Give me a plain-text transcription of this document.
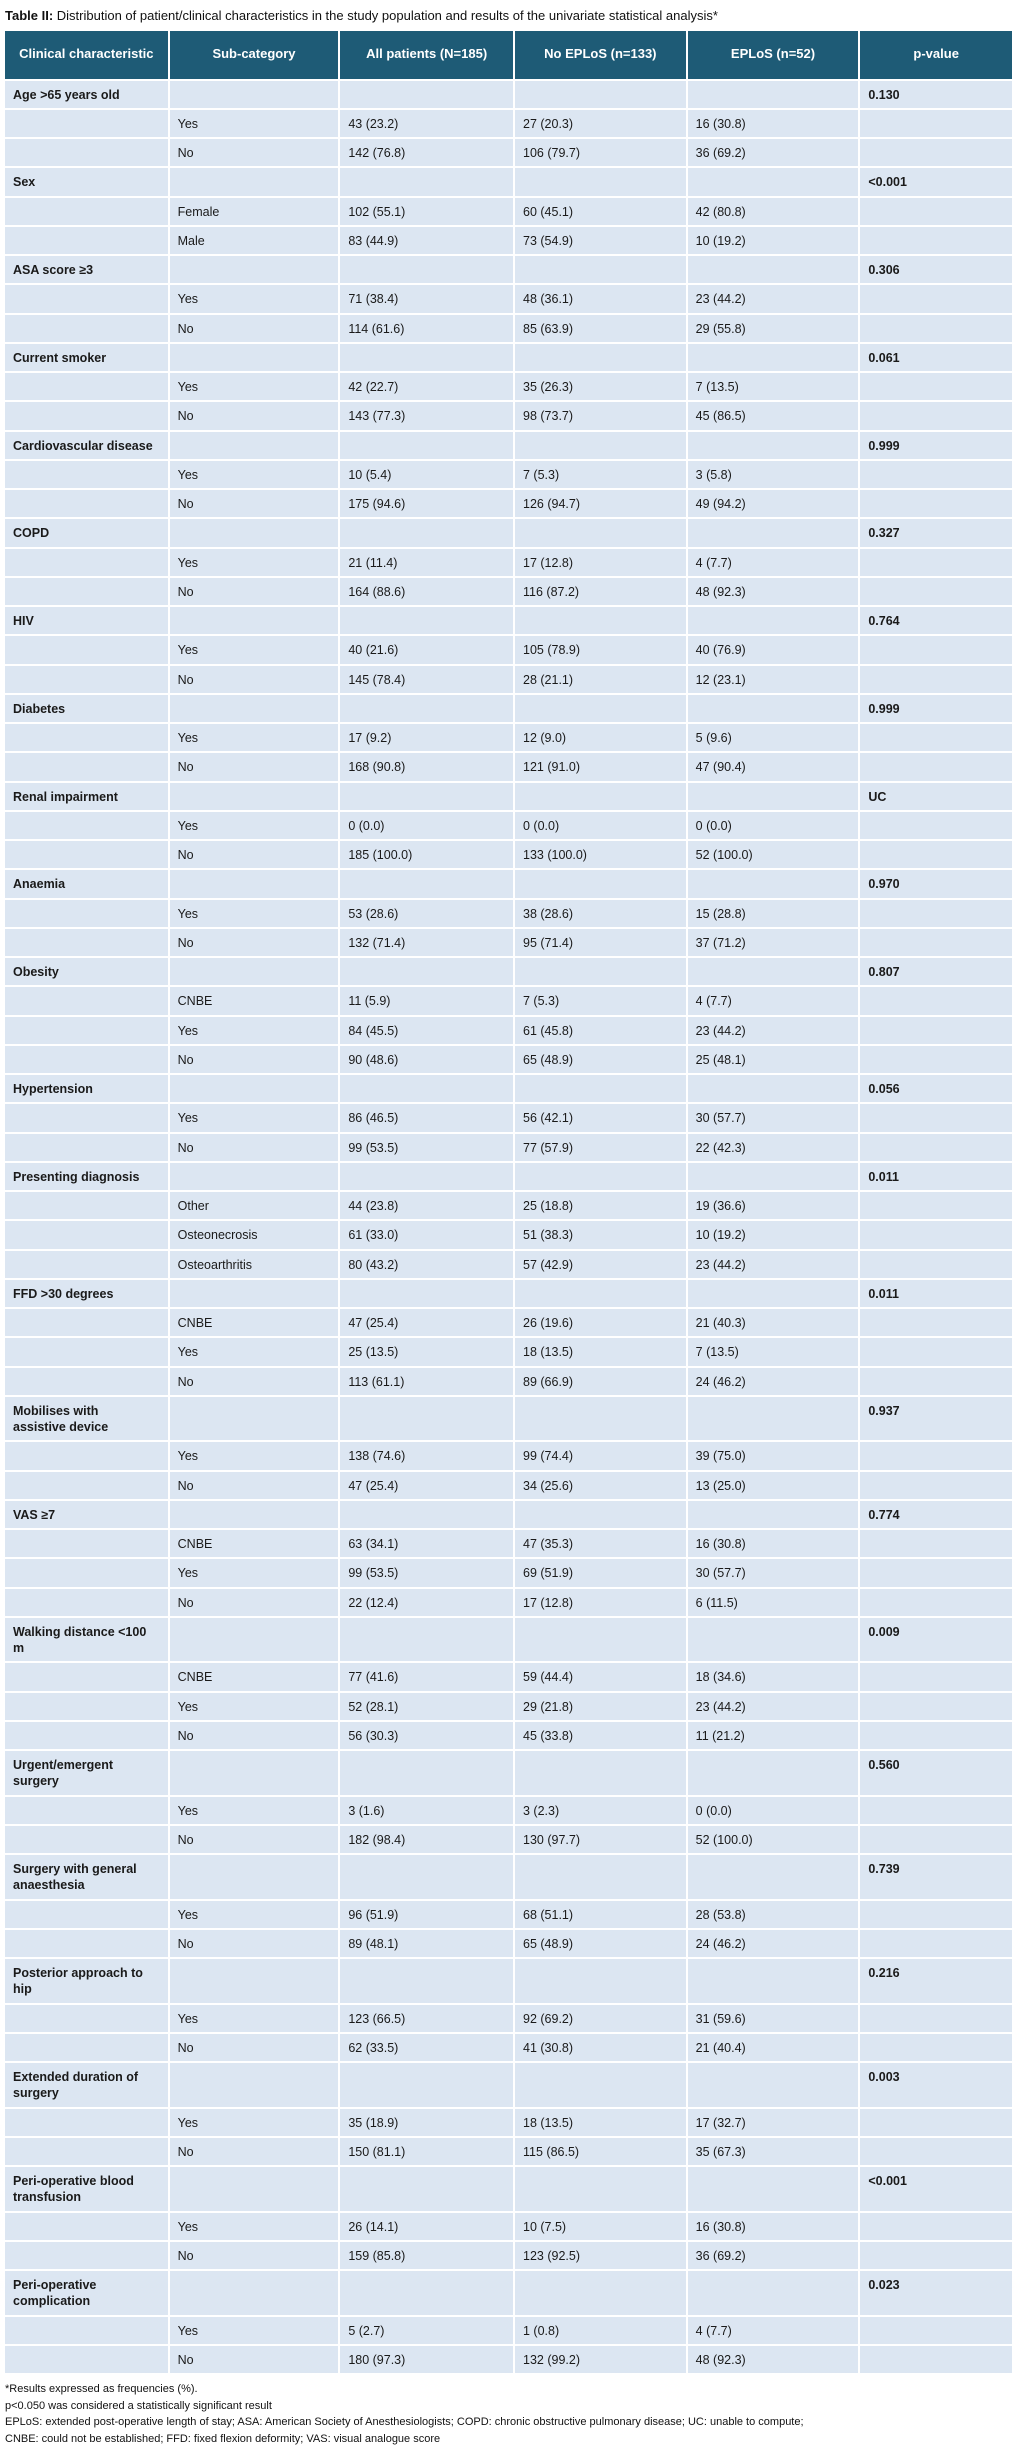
Table II: Distribution of patient/clinical characteristics in the study population and results of the univariate statistical analysis*
Clinical characteristic	Sub-category	All patients (N=185)	No EPLoS (n=133)	EPLoS (n=52)	p-value
Age >65 years old					0.130
	Yes	43 (23.2)	27 (20.3)	16 (30.8)	
	No	142 (76.8)	106 (79.7)	36 (69.2)	
Sex					<0.001
	Female	102 (55.1)	60 (45.1)	42 (80.8)	
	Male	83 (44.9)	73 (54.9)	10 (19.2)	
ASA score ≥3					0.306
	Yes	71 (38.4)	48 (36.1)	23 (44.2)	
	No	114 (61.6)	85 (63.9)	29 (55.8)	
Current smoker					0.061
	Yes	42 (22.7)	35 (26.3)	7 (13.5)	
	No	143 (77.3)	98 (73.7)	45 (86.5)	
Cardiovascular disease					0.999
	Yes	10 (5.4)	7 (5.3)	3 (5.8)	
	No	175 (94.6)	126 (94.7)	49 (94.2)	
COPD					0.327
	Yes	21 (11.4)	17 (12.8)	4 (7.7)	
	No	164 (88.6)	116 (87.2)	48 (92.3)	
HIV					0.764
	Yes	40 (21.6)	105 (78.9)	40 (76.9)	
	No	145 (78.4)	28 (21.1)	12 (23.1)	
Diabetes					0.999
	Yes	17 (9.2)	12 (9.0)	5 (9.6)	
	No	168 (90.8)	121 (91.0)	47 (90.4)	
Renal impairment					UC
	Yes	0 (0.0)	0 (0.0)	0 (0.0)	
	No	185 (100.0)	133 (100.0)	52 (100.0)	
Anaemia					0.970
	Yes	53 (28.6)	38 (28.6)	15 (28.8)	
	No	132 (71.4)	95 (71.4)	37 (71.2)	
Obesity					0.807
	CNBE	11 (5.9)	7 (5.3)	4 (7.7)	
	Yes	84 (45.5)	61 (45.8)	23 (44.2)	
	No	90 (48.6)	65 (48.9)	25 (48.1)	
Hypertension					0.056
	Yes	86 (46.5)	56 (42.1)	30 (57.7)	
	No	99 (53.5)	77 (57.9)	22 (42.3)	
Presenting diagnosis					0.011
	Other	44 (23.8)	25 (18.8)	19 (36.6)	
	Osteonecrosis	61 (33.0)	51 (38.3)	10 (19.2)	
	Osteoarthritis	80 (43.2)	57 (42.9)	23 (44.2)	
FFD >30 degrees					0.011
	CNBE	47 (25.4)	26 (19.6)	21 (40.3)	
	Yes	25 (13.5)	18 (13.5)	7 (13.5)	
	No	113 (61.1)	89 (66.9)	24 (46.2)	
Mobilises with assistive device					0.937
	Yes	138 (74.6)	99 (74.4)	39 (75.0)	
	No	47 (25.4)	34 (25.6)	13 (25.0)	
VAS ≥7					0.774
	CNBE	63 (34.1)	47 (35.3)	16 (30.8)	
	Yes	99 (53.5)	69 (51.9)	30 (57.7)	
	No	22 (12.4)	17 (12.8)	6 (11.5)	
Walking distance <100 m					0.009
	CNBE	77 (41.6)	59 (44.4)	18 (34.6)	
	Yes	52 (28.1)	29 (21.8)	23 (44.2)	
	No	56 (30.3)	45 (33.8)	11 (21.2)	
Urgent/emergent surgery					0.560
	Yes	3 (1.6)	3 (2.3)	0 (0.0)	
	No	182 (98.4)	130 (97.7)	52 (100.0)	
Surgery with general anaesthesia					0.739
	Yes	96 (51.9)	68 (51.1)	28 (53.8)	
	No	89 (48.1)	65 (48.9)	24 (46.2)	
Posterior approach to hip					0.216
	Yes	123 (66.5)	92 (69.2)	31 (59.6)	
	No	62 (33.5)	41 (30.8)	21 (40.4)	
Extended duration of surgery					0.003
	Yes	35 (18.9)	18 (13.5)	17 (32.7)	
	No	150 (81.1)	115 (86.5)	35 (67.3)	
Peri-operative blood transfusion					<0.001
	Yes	26 (14.1)	10 (7.5)	16 (30.8)	
	No	159 (85.8)	123 (92.5)	36 (69.2)	
Peri-operative complication					0.023
	Yes	5 (2.7)	1 (0.8)	4 (7.7)	
	No	180 (97.3)	132 (99.2)	48 (92.3)	
*Results expressed as frequencies (%).
p<0.050 was considered a statistically significant result
EPLoS: extended post-operative length of stay; ASA: American Society of Anesthesiologists; COPD: chronic obstructive pulmonary disease; UC: unable to compute;
CNBE: could not be established; FFD: fixed flexion deformity; VAS: visual analogue score
